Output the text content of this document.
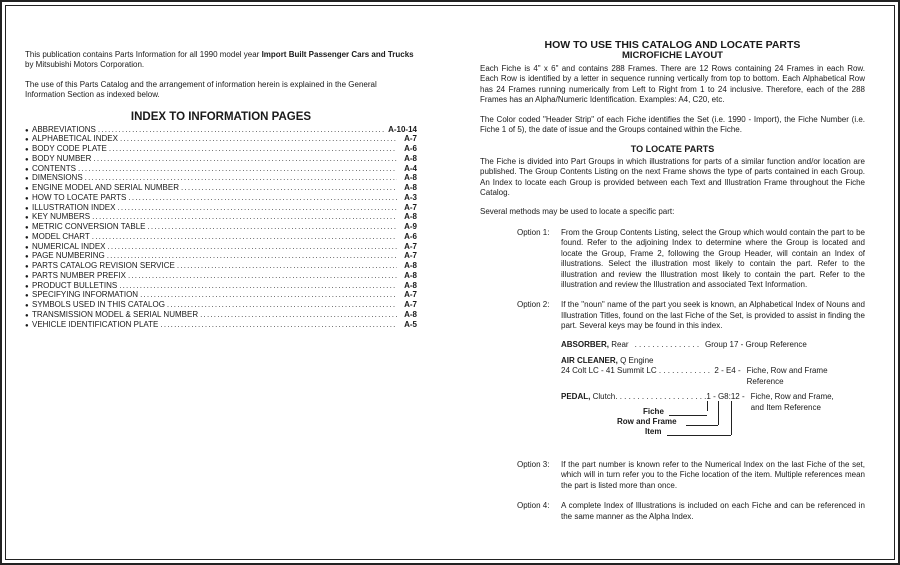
This publication contains Parts Information for all 1990 model year Import Built Passenger Cars and Trucks by Mitsubishi Motors Corporation.

The use of this Parts Catalog and the arrangement of information herein is explained in the General Information Section as indexed below.

INDEX TO INFORMATION PAGES
● ABBREVIATIONS .....	A-10-14
● ALPHABETICAL INDEX .....	A-7
● BODY CODE PLATE .....	A-6
● BODY NUMBER .....	A-8
● CONTENTS .....	A-4
● DIMENSIONS .....	A-8
● ENGINE MODEL AND SERIAL NUMBER .....	A-8
● HOW TO LOCATE PARTS .....	A-3
● ILLUSTRATION INDEX .....	A-7
● KEY NUMBERS .....	A-8
● METRIC CONVERSION TABLE .....	A-9
● MODEL CHART .....	A-6
● NUMERICAL INDEX .....	A-7
● PAGE NUMBERING .....	A-7
● PARTS CATALOG REVISION SERVICE .....	A-8
● PARTS NUMBER PREFIX .....	A-8
● PRODUCT BULLETINS .....	A-8
● SPECIFYING INFORMATION .....	A-7
● SYMBOLS USED IN THIS CATALOG .....	A-7
● TRANSMISSION MODEL & SERIAL NUMBER .....	A-8
● VEHICLE IDENTIFICATION PLATE .....	A-5
HOW TO USE THIS CATALOG AND LOCATE PARTS
MICROFICHE LAYOUT

Each Fiche is 4" x 6" and contains 288 Frames. There are 12 Rows containing 24 Frames in each Row. Each Row is identified by a letter in sequence running vertically from top to bottom. Each Alphabetical Row has 24 Frames running numerically from Left to Right from 1 to 24 inclusive. Therefore, each of the 288 Frames has an Alpha/Numeric Identification. Examples: A4, C20, etc.

The Color coded "Header Strip" of each Fiche identifies the Set (i.e. 1990 - Import), the Fiche Number (i.e. Fiche 1 of 5), the date of issue and the Groups contained within the Fiche.

TO LOCATE PARTS

The Fiche is divided into Part Groups in which illustrations for parts of a similar function and/or location are published. The Group Contents Listing on the next Frame shows the type of parts contained in each Group. An Index to locate each Group is provided between each Text and Illustration Frame throughout the Fiche Catalog.

Several methods may be used to locate a specific part:

Option 1:	From the Group Contents Listing, select the Group which would contain the part to be found. Refer to the adjoining Index to determine where the Group is located and locate the Group, Frame 2, following the Group Header, will contain an Index of illustrations. Select the illustration most likely to contain the part. Refer to the illustration and review the Illustration most likely to contain the part. Refer to the illustration and review the Illustration and associated Text Information.
Option 2:	If the "noun" name of the part you seek is known, an Alphabetical Index of Nouns and Illustration Titles, found on the last Fiche of the Set, is provided to assist in finding the part. Several keys may be found in this index.
ABSORBER, Rear . . . . . . . . . . . . . . . Group 17 - Group Reference
AIR CLEANER, Q Engine
24 Colt LC - 41 Summit LC . . . . . . . . . . . . 2 - E4 - Fiche, Row and Frame
Reference
PEDAL, Clutch . . . . . . . . . . . . . . . . . . . . . 1 - G8:12 - Fiche, Row and Frame,
and Item Reference
Fiche
Row and Frame
Item
Option 3:	If the part number is known refer to the Numerical Index on the last Fiche of the set, which will in turn refer you to the Fiche location of the item. Multiple references mean the part is listed more than once.
Option 4:	A complete Index of Illustrations is included on each Fiche and can be referenced in the same manner as the Alpha Index.
